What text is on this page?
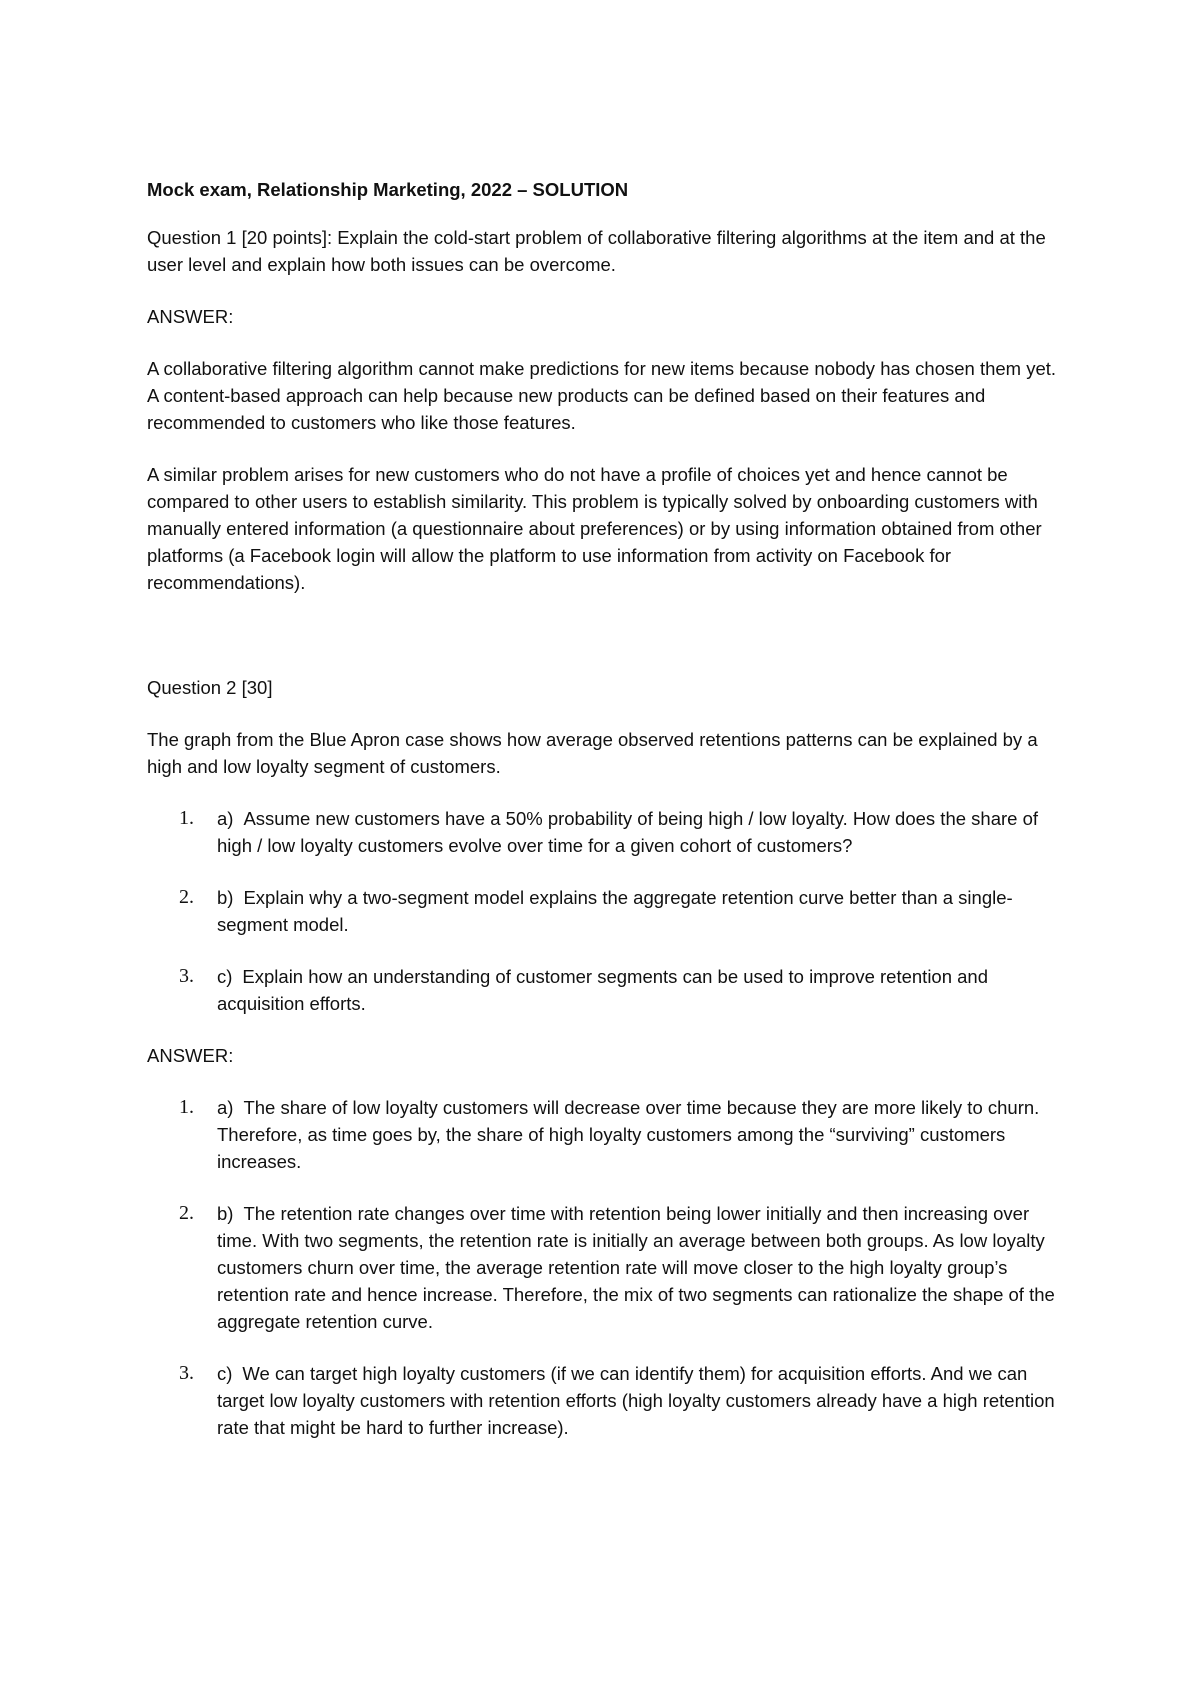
Mock exam, Relationship Marketing, 2022 – SOLUTION

Question 1 [20 points]: Explain the cold-start problem of collaborative filtering algorithms at the item and at the user level and explain how both issues can be overcome.

ANSWER:

A collaborative filtering algorithm cannot make predictions for new items because nobody has chosen them yet. A content-based approach can help because new products can be defined based on their features and recommended to customers who like those features.

A similar problem arises for new customers who do not have a profile of choices yet and hence cannot be compared to other users to establish similarity. This problem is typically solved by onboarding customers with manually entered information (a questionnaire about preferences) or by using information obtained from other platforms (a Facebook login will allow the platform to use information from activity on Facebook for recommendations).

Question 2 [30]

The graph from the Blue Apron case shows how average observed retentions patterns can be explained by a high and low loyalty segment of customers.

1. a) Assume new customers have a 50% probability of being high / low loyalty. How does the share of high / low loyalty customers evolve over time for a given cohort of customers?
2. b) Explain why a two-segment model explains the aggregate retention curve better than a single- segment model.
3. c) Explain how an understanding of customer segments can be used to improve retention and acquisition efforts.

ANSWER:

1. a) The share of low loyalty customers will decrease over time because they are more likely to churn. Therefore, as time goes by, the share of high loyalty customers among the “surviving” customers increases.
2. b) The retention rate changes over time with retention being lower initially and then increasing over time. With two segments, the retention rate is initially an average between both groups. As low loyalty customers churn over time, the average retention rate will move closer to the high loyalty group’s retention rate and hence increase. Therefore, the mix of two segments can rationalize the shape of the aggregate retention curve.
3. c) We can target high loyalty customers (if we can identify them) for acquisition efforts. And we can target low loyalty customers with retention efforts (high loyalty customers already have a high retention rate that might be hard to further increase).
